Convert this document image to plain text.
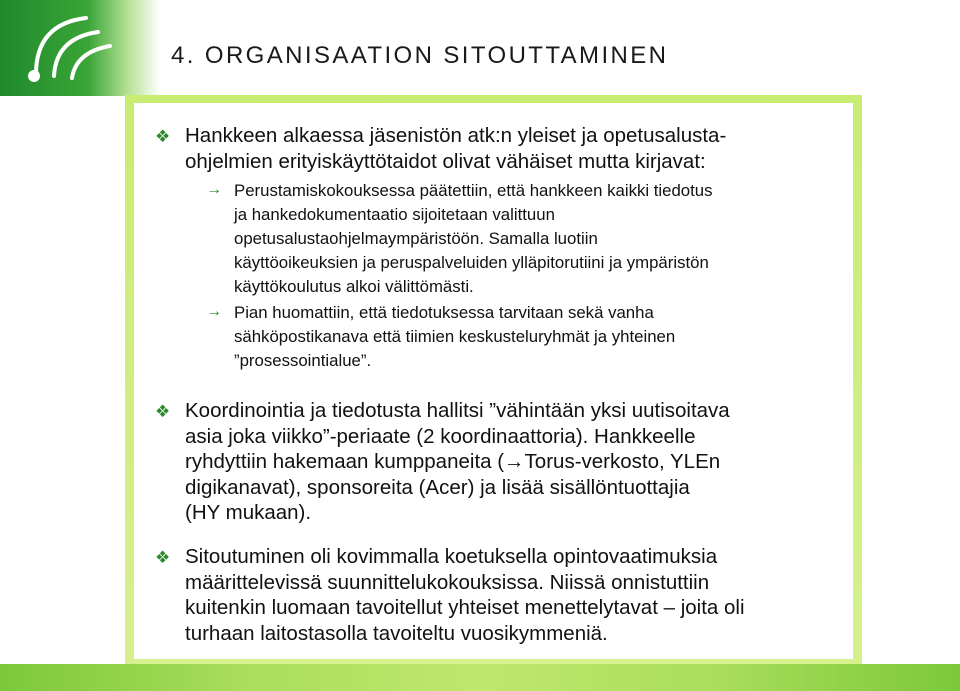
4. ORGANISAATION SITOUTTAMINEN
❖ Hankkeen alkaessa jäsenistön atk:n yleiset ja opetusalusta-
ohjelmien erityiskäyttötaidot olivat vähäiset mutta kirjavat:
→ Perustamiskokouksessa päätettiin, että hankkeen kaikki tiedotus
ja hankedokumentaatio sijoitetaan valittuun
opetusalustaohjelmaympäristöön. Samalla luotiin
käyttöoikeuksien ja peruspalveluiden ylläpitorutiini ja ympäristön
käyttökoulutus alkoi välittömästi.
→ Pian huomattiin, että tiedotuksessa tarvitaan sekä vanha
sähköpostikanava että tiimien keskusteluryhmät ja yhteinen
”prosessointialue”.
❖ Koordinointia ja tiedotusta hallitsi ”vähintään yksi uutisoitava
asia joka viikko”-periaate (2 koordinaattoria). Hankkeelle
ryhdyttiin hakemaan kumppaneita (→Torus-verkosto, YLEn
digikanavat), sponsoreita (Acer) ja lisää sisällöntuottajia
(HY mukaan).
❖ Sitoutuminen oli kovimmalla koetuksella opintovaatimuksia
määrittelevissä suunnittelukokouksissa. Niissä onnistuttiin
kuitenkin luomaan tavoitellut yhteiset menettelytavat – joita oli
turhaan laitostasolla tavoiteltu vuosikymmeniä.
